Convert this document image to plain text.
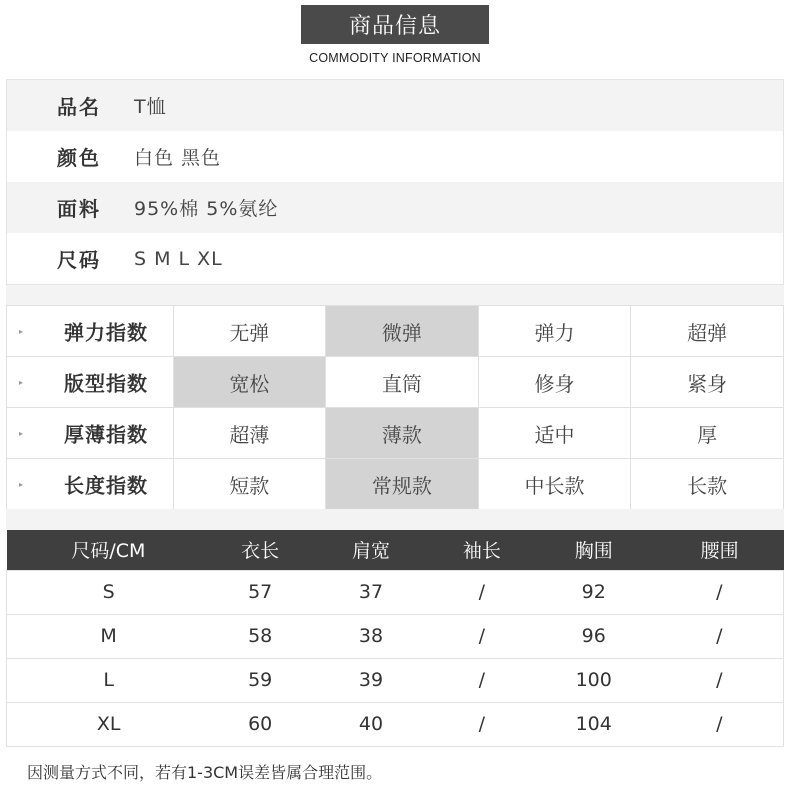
商品信息
COMMODITY INFORMATION
品名 T恤
颜色 白色 黑色
面料 95%棉 5%氨纶
尺码 S M L XL
▸ 弹力指数	无弹	微弹	弹力	超弹

▸ 版型指数	宽松	直筒	修身	紧身

▸ 厚薄指数	超薄	薄款	适中	厚

▸ 长度指数	短款	常规款	中长款	长款
尺码/CM	衣长	肩宽	袖长	胸围	腰围
S	57	37	/	92	/
M	58	38	/	96	/
L	59	39	/	100	/
XL	60	40	/	104	/
因测量方式不同，若有1-3CM误差皆属合理范围。
